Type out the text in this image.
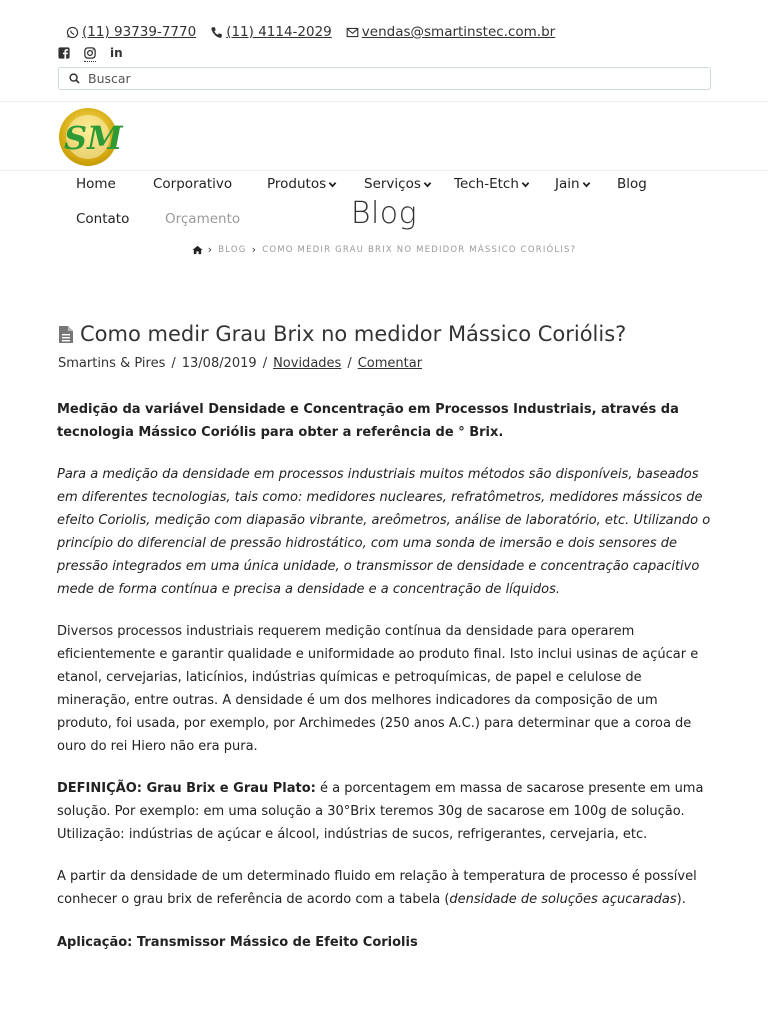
(11) 93739-7770 (11) 4114-2029 vendas@smartinstec.com.br
in
Buscar
SM
Home	Corporativo	Produtos	Serviços Tech-Etch	Jain	Blog
Contato	Orçamento	Blog
› BLOG › COMO MEDIR GRAU BRIX NO MEDIDOR MÁSSICO CORIÓLIS?
Como medir Grau Brix no medidor Mássico Coriólis?
Smartins & Pires / 13/08/2019 / Novidades / Comentar

Medição da variável Densidade e Concentração em Processos Industriais, através da tecnologia Mássico Coriólis para obter a referência de ° Brix.

Para a medição da densidade em processos industriais muitos métodos são disponíveis, baseados em diferentes tecnologias, tais como: medidores nucleares, refratômetros, medidores mássicos de efeito Coriolis, medição com diapasão vibrante, areômetros, análise de laboratório, etc. Utilizando o princípio do diferencial de pressão hidrostático, com uma sonda de imersão e dois sensores de pressão integrados em uma única unidade, o transmissor de densidade e concentração capacitivo mede de forma contínua e precisa a densidade e a concentração de líquidos.

Diversos processos industriais requerem medição contínua da densidade para operarem eficientemente e garantir qualidade e uniformidade ao produto final. Isto inclui usinas de açúcar e etanol, cervejarias, laticínios, indústrias químicas e petroquímicas, de papel e celulose de mineração, entre outras. A densidade é um dos melhores indicadores da composição de um produto, foi usada, por exemplo, por Archimedes (250 anos A.C.) para determinar que a coroa de ouro do rei Hiero não era pura.

DEFINIÇÃO: Grau Brix e Grau Plato: é a porcentagem em massa de sacarose presente em uma solução. Por exemplo: em uma solução a 30°Brix teremos 30g de sacarose em 100g de solução. Utilização: indústrias de açúcar e álcool, indústrias de sucos, refrigerantes, cervejaria, etc.

A partir da densidade de um determinado fluido em relação à temperatura de processo é possível conhecer o grau brix de referência de acordo com a tabela (densidade de soluções açucaradas).

Aplicação: Transmissor Mássico de Efeito Coriolis
